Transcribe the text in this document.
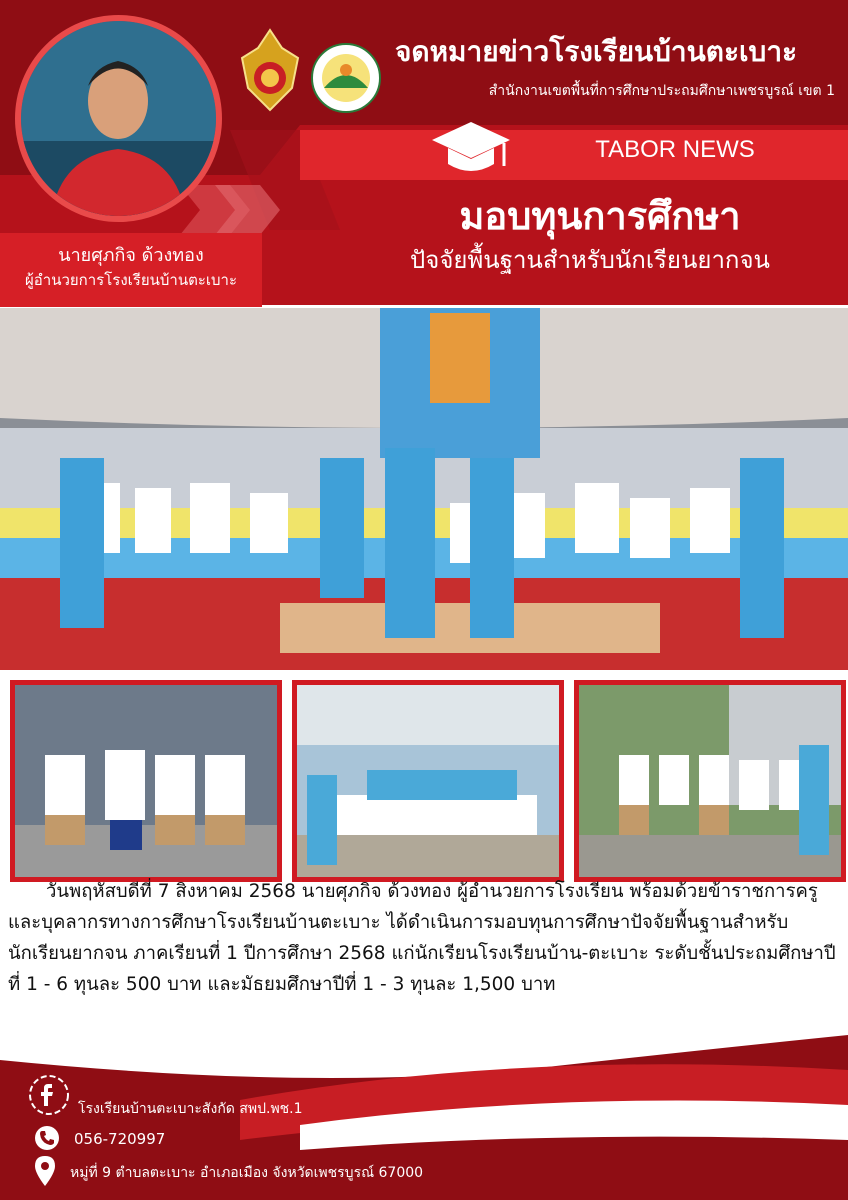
จดหมายข่าวโรงเรียนบ้านตะเบาะ
สำนักงานเขตพื้นที่การศึกษาประถมศึกษาเพชรบูรณ์ เขต 1
TABOR NEWS
มอบทุนการศึกษา
ปัจจัยพื้นฐานสำหรับนักเรียนยากจน
นายศุภกิจ ด้วงทอง
ผู้อำนวยการโรงเรียนบ้านตะเบาะ
วันพฤหัสบดีที่ 7 สิงหาคม 2568 นายศุภกิจ ด้วงทอง ผู้อำนวยการโรงเรียน พร้อมด้วยข้าราชการครู และบุคลากรทางการศึกษาโรงเรียนบ้านตะเบาะ ได้ดำเนินการมอบทุนการศึกษาปัจจัยพื้นฐานสำหรับนักเรียนยากจน ภาคเรียนที่ 1 ปีการศึกษา 2568 แก่นักเรียนโรงเรียนบ้าน-ตะเบาะ ระดับชั้นประถมศึกษาปีที่ 1 - 6 ทุนละ 500 บาท และมัธยมศึกษาปีที่ 1 - 3 ทุนละ 1,500 บาท
โรงเรียนบ้านตะเบาะสังกัด สพป.พช.1
056-720997
หมู่ที่ 9 ตำบลตะเบาะ อำเภอเมือง จังหวัดเพชรบูรณ์ 67000
